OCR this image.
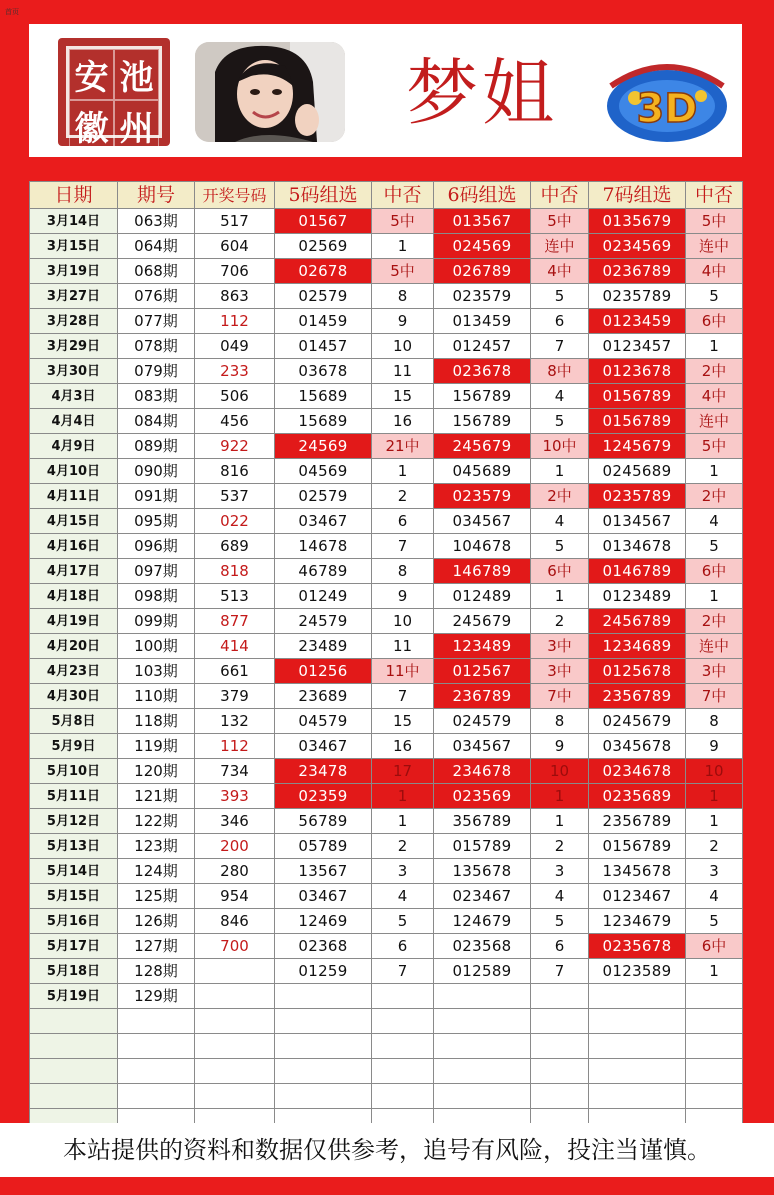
首页
安 池
徽 州	梦姐	3D
日期	期号	开奖号码	5码组选	中否	6码组选	中否	7码组选	中否
3月14日	063期	517	01567	5中	013567	5中	0135679	5中
3月15日	064期	604	02569	1	024569	连中	0234569	连中
3月19日	068期	706	02678	5中	026789	4中	0236789	4中
3月27日	076期	863	02579	8	023579	5	0235789	5
3月28日	077期	112	01459	9	013459	6	0123459	6中
3月29日	078期	049	01457	10	012457	7	0123457	1
3月30日	079期	233	03678	11	023678	8中	0123678	2中
4月3日	083期	506	15689	15	156789	4	0156789	4中
4月4日	084期	456	15689	16	156789	5	0156789	连中
4月9日	089期	922	24569	21中	245679	10中	1245679	5中
4月10日	090期	816	04569	1	045689	1	0245689	1
4月11日	091期	537	02579	2	023579	2中	0235789	2中
4月15日	095期	022	03467	6	034567	4	0134567	4
4月16日	096期	689	14678	7	104678	5	0134678	5
4月17日	097期	818	46789	8	146789	6中	0146789	6中
4月18日	098期	513	01249	9	012489	1	0123489	1
4月19日	099期	877	24579	10	245679	2	2456789	2中
4月20日	100期	414	23489	11	123489	3中	1234689	连中
4月23日	103期	661	01256	11中	012567	3中	0125678	3中
4月30日	110期	379	23689	7	236789	7中	2356789	7中
5月8日	118期	132	04579	15	024579	8	0245679	8
5月9日	119期	112	03467	16	034567	9	0345678	9
5月10日	120期	734	23478	17	234678	10	0234678	10
5月11日	121期	393	02359	1	023569	1	0235689	1
5月12日	122期	346	56789	1	356789	1	2356789	1
5月13日	123期	200	05789	2	015789	2	0156789	2
5月14日	124期	280	13567	3	135678	3	1345678	3
5月15日	125期	954	03467	4	023467	4	0123467	4
5月16日	126期	846	12469	5	124679	5	1234679	5
5月17日	127期	700	02368	6	023568	6	0235678	6中
5月18日	128期		01259	7	012589	7	0123589	1
5月19日	129期							

本站提供的资料和数据仅供参考，追号有风险，投注当谨慎。
